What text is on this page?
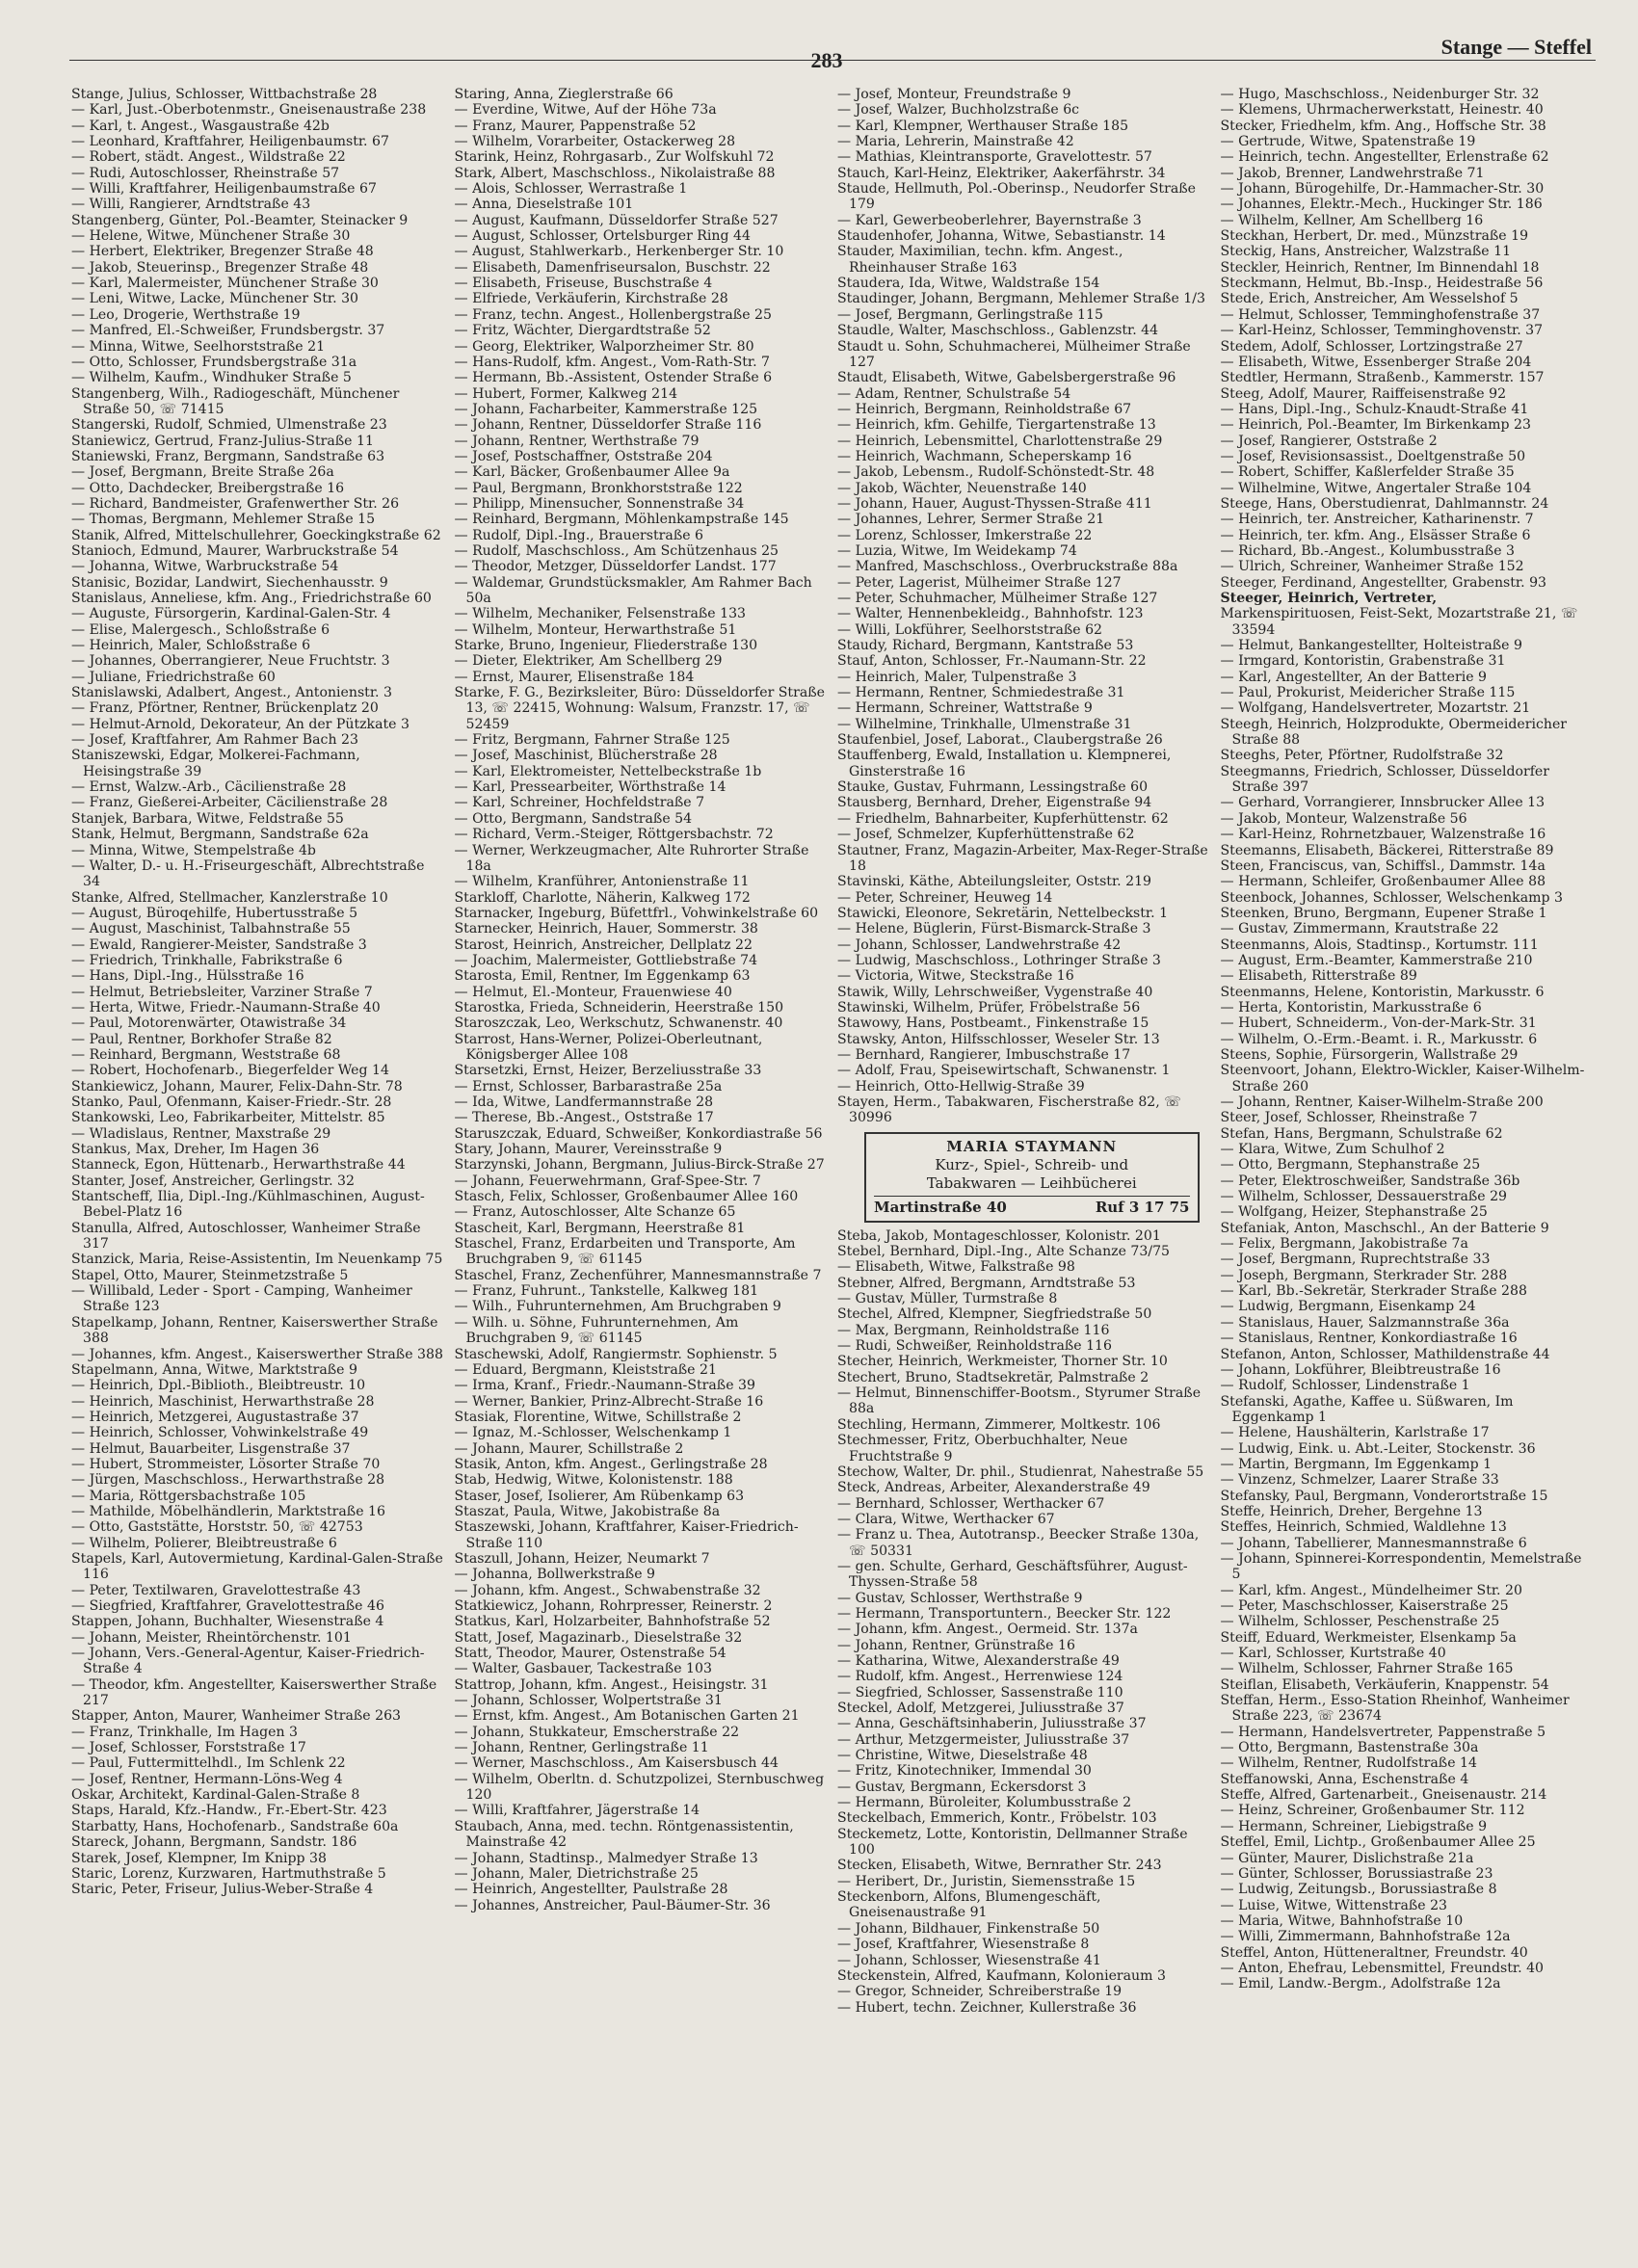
283
Stange — Steffel
Stange, Julius, Schlosser, Wittbachstraße 28
— Karl, Just.-Oberbotenmstr., Gneisenaustraße 238
— Karl, t. Angest., Wasgaustraße 42b
— Leonhard, Kraftfahrer, Heiligenbaumstr. 67
— Robert, städt. Angest., Wildstraße 22
— Rudi, Autoschlosser, Rheinstraße 57
— Willi, Kraftfahrer, Heiligenbaumstraße 67
— Willi, Rangierer, Arndtstraße 43
Stangenberg, Günter, Pol.-Beamter, Steinacker 9
— Helene, Witwe, Münchener Straße 30
— Herbert, Elektriker, Bregenzer Straße 48
— Jakob, Steuerinsp., Bregenzer Straße 48
— Karl, Malermeister, Münchener Straße 30
— Leni, Witwe, Lacke, Münchener Str. 30
— Leo, Drogerie, Werthstraße 19
— Manfred, El.-Schweißer, Frundsbergstr. 37
— Minna, Witwe, Seelhorststraße 21
— Otto, Schlosser, Frundsbergstraße 31a
— Wilhelm, Kaufm., Windhuker Straße 5
Stangenberg, Wilh., Radiogeschäft, Münchener Straße 50, ☏ 71415
Stangerski, Rudolf, Schmied, Ulmenstraße 23
Staniewicz, Gertrud, Franz-Julius-Straße 11
Staniewski, Franz, Bergmann, Sandstraße 63
— Josef, Bergmann, Breite Straße 26a
— Otto, Dachdecker, Breibergstraße 16
— Richard, Bandmeister, Grafenwerther Str. 26
— Thomas, Bergmann, Mehlemer Straße 15
Stanik, Alfred, Mittelschullehrer, Goeckingkstraße 62
Stanioch, Edmund, Maurer, Warbruckstraße 54
— Johanna, Witwe, Warbruckstraße 54
Stanisic, Bozidar, Landwirt, Siechenhausstr. 9
Stanislaus, Anneliese, kfm. Ang., Friedrichstraße 60
— Auguste, Fürsorgerin, Kardinal-Galen-Str. 4
— Elise, Malergesch., Schloßstraße 6
— Heinrich, Maler, Schloßstraße 6
— Johannes, Oberrangierer, Neue Fruchtstr. 3
— Juliane, Friedrichstraße 60
Stanislawski, Adalbert, Angest., Antonienstr. 3
— Franz, Pförtner, Rentner, Brückenplatz 20
— Helmut-Arnold, Dekorateur, An der Pützkate 3
— Josef, Kraftfahrer, Am Rahmer Bach 23
Staniszewski, Edgar, Molkerei-Fachmann, Heisingstraße 39
— Ernst, Walzw.-Arb., Cäcilienstraße 28
— Franz, Gießerei-Arbeiter, Cäcilienstraße 28
Stanjek, Barbara, Witwe, Feldstraße 55
Stank, Helmut, Bergmann, Sandstraße 62a
— Minna, Witwe, Stempelstraße 4b
— Walter, D.- u. H.-Friseurgeschäft, Albrechtstraße 34
Stanke, Alfred, Stellmacher, Kanzlerstraße 10
— August, Büroqehilfe, Hubertusstraße 5
— August, Maschinist, Talbahnstraße 55
— Ewald, Rangierer-Meister, Sandstraße 3
— Friedrich, Trinkhalle, Fabrikstraße 6
— Hans, Dipl.-Ing., Hülsstraße 16
— Helmut, Betriebsleiter, Varziner Straße 7
— Herta, Witwe, Friedr.-Naumann-Straße 40
— Paul, Motorenwärter, Otawistraße 34
— Paul, Rentner, Borkhofer Straße 82
— Reinhard, Bergmann, Weststraße 68
— Robert, Hochofenarb., Biegerfelder Weg 14
Stankiewicz, Johann, Maurer, Felix-Dahn-Str. 78
Stanko, Paul, Ofenmann, Kaiser-Friedr.-Str. 28
Stankowski, Leo, Fabrikarbeiter, Mittelstr. 85
— Wladislaus, Rentner, Maxstraße 29
Stankus, Max, Dreher, Im Hagen 36
Stanneck, Egon, Hüttenarb., Herwarthstraße 44
Stanter, Josef, Anstreicher, Gerlingstr. 32
Stantscheff, Ilia, Dipl.-Ing./Kühlmaschinen, August-Bebel-Platz 16
Stanulla, Alfred, Autoschlosser, Wanheimer Straße 317
Stanzick, Maria, Reise-Assistentin, Im Neuenkamp 75
Stapel, Otto, Maurer, Steinmetzstraße 5
— Willibald, Leder - Sport - Camping, Wanheimer Straße 123
Stapelkamp, Johann, Rentner, Kaiserswerther Straße 388
— Johannes, kfm. Angest., Kaiserswerther Straße 388
Stapelmann, Anna, Witwe, Marktstraße 9
— Heinrich, Dpl.-Biblioth., Bleibtreustr. 10
— Heinrich, Maschinist, Herwarthstraße 28
— Heinrich, Metzgerei, Augustastraße 37
— Heinrich, Schlosser, Vohwinkelstraße 49
— Helmut, Bauarbeiter, Lisgenstraße 37
— Hubert, Strommeister, Lösorter Straße 70
— Jürgen, Maschschloss., Herwarthstraße 28
— Maria, Röttgersbachstraße 105
— Mathilde, Möbelhändlerin, Marktstraße 16
— Otto, Gaststätte, Horststr. 50, ☏ 42753
— Wilhelm, Polierer, Bleibtreustraße 6
Stapels, Karl, Autovermietung, Kardinal-Galen-Straße 116
— Peter, Textilwaren, Gravelottestraße 43
— Siegfried, Kraftfahrer, Gravelottestraße 46
Stappen, Johann, Buchhalter, Wiesenstraße 4
— Johann, Meister, Rheintörchenstr. 101
— Johann, Vers.-General-Agentur, Kaiser-Friedrich-Straße 4
— Theodor, kfm. Angestellter, Kaiserswerther Straße 217
Stapper, Anton, Maurer, Wanheimer Straße 263
— Franz, Trinkhalle, Im Hagen 3
— Josef, Schlosser, Forststraße 17
— Paul, Futtermittelhdl., Im Schlenk 22
— Josef, Rentner, Hermann-Löns-Weg 4
Oskar, Architekt, Kardinal-Galen-Straße 8
Staps, Harald, Kfz.-Handw., Fr.-Ebert-Str. 423
Starbatty, Hans, Hochofenarb., Sandstraße 60a
Stareck, Johann, Bergmann, Sandstr. 186
Starek, Josef, Klempner, Im Knipp 38
Staric, Lorenz, Kurzwaren, Hartmuthstraße 5
Staric, Peter, Friseur, Julius-Weber-Straße 4
Staring, Anna, Zieglerstraße 66
— Everdine, Witwe, Auf der Höhe 73a
— Franz, Maurer, Pappenstraße 52
— Wilhelm, Vorarbeiter, Ostackerweg 28
Starink, Heinz, Rohrgasarb., Zur Wolfskuhl 72
Stark, Albert, Maschschloss., Nikolaistraße 88
— Alois, Schlosser, Werrastraße 1
— Anna, Dieselstraße 101
— August, Kaufmann, Düsseldorfer Straße 527
— August, Schlosser, Ortelsburger Ring 44
— August, Stahlwerkarb., Herkenberger Str. 10
— Elisabeth, Damenfriseursalon, Buschstr. 22
— Elisabeth, Friseuse, Buschstraße 4
— Elfriede, Verkäuferin, Kirchstraße 28
— Franz, techn. Angest., Hollenbergstraße 25
— Fritz, Wächter, Diergardtstraße 52
— Georg, Elektriker, Walporzheimer Str. 80
— Hans-Rudolf, kfm. Angest., Vom-Rath-Str. 7
— Hermann, Bb.-Assistent, Ostender Straße 6
— Hubert, Former, Kalkweg 214
— Johann, Facharbeiter, Kammerstraße 125
— Johann, Rentner, Düsseldorfer Straße 116
— Johann, Rentner, Werthstraße 79
— Josef, Postschaffner, Oststraße 204
— Karl, Bäcker, Großenbaumer Allee 9a
— Paul, Bergmann, Bronkhorststraße 122
— Philipp, Minensucher, Sonnenstraße 34
— Reinhard, Bergmann, Möhlenkampstraße 145
— Rudolf, Dipl.-Ing., Brauerstraße 6
— Rudolf, Maschschloss., Am Schützenhaus 25
— Theodor, Metzger, Düsseldorfer Landst. 177
— Waldemar, Grundstücksmakler, Am Rahmer Bach 50a
— Wilhelm, Mechaniker, Felsenstraße 133
— Wilhelm, Monteur, Herwarthstraße 51
Starke, Bruno, Ingenieur, Fliederstraße 130
— Dieter, Elektriker, Am Schellberg 29
— Ernst, Maurer, Elisenstraße 184
Starke, F. G., Bezirksleiter, Büro: Düsseldorfer Straße 13, ☏ 22415, Wohnung: Walsum, Franzstr. 17, ☏ 52459
— Fritz, Bergmann, Fahrner Straße 125
— Josef, Maschinist, Blücherstraße 28
— Karl, Elektromeister, Nettelbeckstraße 1b
— Karl, Pressearbeiter, Wörthstraße 14
— Karl, Schreiner, Hochfeldstraße 7
— Otto, Bergmann, Sandstraße 54
— Richard, Verm.-Steiger, Röttgersbachstr. 72
— Werner, Werkzeugmacher, Alte Ruhrorter Straße 18a
— Wilhelm, Kranführer, Antonienstraße 11
Starkloff, Charlotte, Näherin, Kalkweg 172
Starnacker, Ingeburg, Büfettfrl., Vohwinkelstraße 60
Starnecker, Heinrich, Hauer, Sommerstr. 38
Starost, Heinrich, Anstreicher, Dellplatz 22
— Joachim, Malermeister, Gottliebstraße 74
Starosta, Emil, Rentner, Im Eggenkamp 63
— Helmut, El.-Monteur, Frauenwiese 40
Starostka, Frieda, Schneiderin, Heerstraße 150
Staroszczak, Leo, Werkschutz, Schwanenstr. 40
Starrost, Hans-Werner, Polizei-Oberleutnant, Königsberger Allee 108
Starsetzki, Ernst, Heizer, Berzeliusstraße 33
— Ernst, Schlosser, Barbarastraße 25a
— Ida, Witwe, Landfermannstraße 28
— Therese, Bb.-Angest., Oststraße 17
Staruszczak, Eduard, Schweißer, Konkordiastraße 56
Stary, Johann, Maurer, Vereinsstraße 9
Starzynski, Johann, Bergmann, Julius-Birck-Straße 27
— Johann, Feuerwehrmann, Graf-Spee-Str. 7
Stasch, Felix, Schlosser, Großenbaumer Allee 160
— Franz, Autoschlosser, Alte Schanze 65
Stascheit, Karl, Bergmann, Heerstraße 81
Staschel, Franz, Erdarbeiten und Transporte, Am Bruchgraben 9, ☏ 61145
Staschel, Franz, Zechenführer, Mannesmannstraße 7
— Franz, Fuhrunt., Tankstelle, Kalkweg 181
— Wilh., Fuhrunternehmen, Am Bruchgraben 9
— Wilh. u. Söhne, Fuhrunternehmen, Am Bruchgraben 9, ☏ 61145
Staschewski, Adolf, Rangiermstr. Sophienstr. 5
— Eduard, Bergmann, Kleiststraße 21
— Irma, Kranf., Friedr.-Naumann-Straße 39
— Werner, Bankier, Prinz-Albrecht-Straße 16
Stasiak, Florentine, Witwe, Schillstraße 2
— Ignaz, M.-Schlosser, Welschenkamp 1
— Johann, Maurer, Schillstraße 2
Stasik, Anton, kfm. Angest., Gerlingstraße 28
Stab, Hedwig, Witwe, Kolonistenstr. 188
Staser, Josef, Isolierer, Am Rübenkamp 63
Staszat, Paula, Witwe, Jakobistraße 8a
Staszewski, Johann, Kraftfahrer, Kaiser-Friedrich-Straße 110
Staszull, Johann, Heizer, Neumarkt 7
— Johanna, Bollwerkstraße 9
— Johann, kfm. Angest., Schwabenstraße 32
Statkiewicz, Johann, Rohrpresser, Reinerstr. 2
Statkus, Karl, Holzarbeiter, Bahnhofstraße 52
Statt, Josef, Magazinarb., Dieselstraße 32
Statt, Theodor, Maurer, Ostenstraße 54
— Walter, Gasbauer, Tackestraße 103
Stattrop, Johann, kfm. Angest., Heisingstr. 31
— Johann, Schlosser, Wolpertstraße 31
— Ernst, kfm. Angest., Am Botanischen Garten 21
— Johann, Stukkateur, Emscherstraße 22
— Johann, Rentner, Gerlingstraße 11
— Werner, Maschschloss., Am Kaisersbusch 44
— Wilhelm, Oberltn. d. Schutzpolizei, Sternbuschweg 120
— Willi, Kraftfahrer, Jägerstraße 14
Staubach, Anna, med. techn. Röntgenassistentin, Mainstraße 42
— Johann, Stadtinsp., Malmedyer Straße 13
— Johann, Maler, Dietrichstraße 25
— Heinrich, Angestellter, Paulstraße 28
— Johannes, Anstreicher, Paul-Bäumer-Str. 36
— Josef, Monteur, Freundstraße 9
— Josef, Walzer, Buchholzstraße 6c
— Karl, Klempner, Werthauser Straße 185
— Maria, Lehrerin, Mainstraße 42
— Mathias, Kleintransporte, Gravelottestr. 57
Stauch, Karl-Heinz, Elektriker, Aakerfährstr. 34
Staude, Hellmuth, Pol.-Oberinsp., Neudorfer Straße 179
— Karl, Gewerbeoberlehrer, Bayernstraße 3
Staudenhofer, Johanna, Witwe, Sebastianstr. 14
Stauder, Maximilian, techn. kfm. Angest., Rheinhauser Straße 163
Staudera, Ida, Witwe, Waldstraße 154
Staudinger, Johann, Bergmann, Mehlemer Straße 1/3
— Josef, Bergmann, Gerlingstraße 115
Staudle, Walter, Maschschloss., Gablenzstr. 44
Staudt u. Sohn, Schuhmacherei, Mülheimer Straße 127
Staudt, Elisabeth, Witwe, Gabelsbergerstraße 96
— Adam, Rentner, Schulstraße 54
— Heinrich, Bergmann, Reinholdstraße 67
— Heinrich, kfm. Gehilfe, Tiergartenstraße 13
— Heinrich, Lebensmittel, Charlottenstraße 29
— Heinrich, Wachmann, Scheperskamp 16
— Jakob, Lebensm., Rudolf-Schönstedt-Str. 48
— Jakob, Wächter, Neuenstraße 140
— Johann, Hauer, August-Thyssen-Straße 411
— Johannes, Lehrer, Sermer Straße 21
— Lorenz, Schlosser, Imkerstraße 22
— Luzia, Witwe, Im Weidekamp 74
— Manfred, Maschschloss., Overbruckstraße 88a
— Peter, Lagerist, Mülheimer Straße 127
— Peter, Schuhmacher, Mülheimer Straße 127
— Walter, Hennenbekleidg., Bahnhofstr. 123
— Willi, Lokführer, Seelhorststraße 62
Staudy, Richard, Bergmann, Kantstraße 53
Stauf, Anton, Schlosser, Fr.-Naumann-Str. 22
— Heinrich, Maler, Tulpenstraße 3
— Hermann, Rentner, Schmiedestraße 31
— Hermann, Schreiner, Wattstraße 9
— Wilhelmine, Trinkhalle, Ulmenstraße 31
Staufenbiel, Josef, Laborat., Claubergstraße 26
Stauffenberg, Ewald, Installation u. Klempnerei, Ginsterstraße 16
Stauke, Gustav, Fuhrmann, Lessingstraße 60
Stausberg, Bernhard, Dreher, Eigenstraße 94
— Friedhelm, Bahnarbeiter, Kupferhüttenstr. 62
— Josef, Schmelzer, Kupferhüttenstraße 62
Stautner, Franz, Magazin-Arbeiter, Max-Reger-Straße 18
Stavinski, Käthe, Abteilungsleiter, Oststr. 219
— Peter, Schreiner, Heuweg 14
Stawicki, Eleonore, Sekretärin, Nettelbeckstr. 1
— Helene, Büglerin, Fürst-Bismarck-Straße 3
— Johann, Schlosser, Landwehrstraße 42
— Ludwig, Maschschloss., Lothringer Straße 3
— Victoria, Witwe, Steckstraße 16
Stawik, Willy, Lehrschweißer, Vygenstraße 40
Stawinski, Wilhelm, Prüfer, Fröbelstraße 56
Stawowy, Hans, Postbeamt., Finkenstraße 15
Stawsky, Anton, Hilfsschlosser, Weseler Str. 13
— Bernhard, Rangierer, Imbuschstraße 17
— Adolf, Frau, Speisewirtschaft, Schwanenstr. 1
— Heinrich, Otto-Hellwig-Straße 39
Stayen, Herm., Tabakwaren, Fischerstraße 82, ☏ 30996
MARIA STAYMANN
Kurz-, Spiel-, Schreib- und
Tabakwaren — Leihbücherei
Martinstraße 40	Ruf 3 17 75
Steba, Jakob, Montageschlosser, Kolonistr. 201
Stebel, Bernhard, Dipl.-Ing., Alte Schanze 73/75
— Elisabeth, Witwe, Falkstraße 98
Stebner, Alfred, Bergmann, Arndtstraße 53
— Gustav, Müller, Turmstraße 8
Stechel, Alfred, Klempner, Siegfriedstraße 50
— Max, Bergmann, Reinholdstraße 116
— Rudi, Schweißer, Reinholdstraße 116
Stecher, Heinrich, Werkmeister, Thorner Str. 10
Stechert, Bruno, Stadtsekretär, Palmstraße 2
— Helmut, Binnenschiffer-Bootsm., Styrumer Straße 88a
Stechling, Hermann, Zimmerer, Moltkestr. 106
Stechmesser, Fritz, Oberbuchhalter, Neue Fruchtstraße 9
Stechow, Walter, Dr. phil., Studienrat, Nahestraße 55
Steck, Andreas, Arbeiter, Alexanderstraße 49
— Bernhard, Schlosser, Werthacker 67
— Clara, Witwe, Werthacker 67
— Franz u. Thea, Autotransp., Beecker Straße 130a, ☏ 50331
— gen. Schulte, Gerhard, Geschäftsführer, August-Thyssen-Straße 58
— Gustav, Schlosser, Werthstraße 9
— Hermann, Transportuntern., Beecker Str. 122
— Johann, kfm. Angest., Oermeid. Str. 137a
— Johann, Rentner, Grünstraße 16
— Katharina, Witwe, Alexanderstraße 49
— Rudolf, kfm. Angest., Herrenwiese 124
— Siegfried, Schlosser, Sassenstraße 110
Steckel, Adolf, Metzgerei, Juliusstraße 37
— Anna, Geschäftsinhaberin, Juliusstraße 37
— Arthur, Metzgermeister, Juliusstraße 37
— Christine, Witwe, Dieselstraße 48
— Fritz, Kinotechniker, Immendal 30
— Gustav, Bergmann, Eckersdorst 3
— Hermann, Büroleiter, Kolumbusstraße 2
Steckelbach, Emmerich, Kontr., Fröbelstr. 103
Steckemetz, Lotte, Kontoristin, Dellmanner Straße 100
Stecken, Elisabeth, Witwe, Bernrather Str. 243
— Heribert, Dr., Juristin, Siemensstraße 15
Steckenborn, Alfons, Blumengeschäft, Gneisenaustraße 91
— Johann, Bildhauer, Finkenstraße 50
— Josef, Kraftfahrer, Wiesenstraße 8
— Johann, Schlosser, Wiesenstraße 41
Steckenstein, Alfred, Kaufmann, Kolonieraum 3
— Gregor, Schneider, Schreiberstraße 19
— Hubert, techn. Zeichner, Kullerstraße 36
— Hugo, Maschschloss., Neidenburger Str. 32
— Klemens, Uhrmacherwerkstatt, Heinestr. 40
Stecker, Friedhelm, kfm. Ang., Hoffsche Str. 38
— Gertrude, Witwe, Spatenstraße 19
— Heinrich, techn. Angestellter, Erlenstraße 62
— Jakob, Brenner, Landwehrstraße 71
— Johann, Bürogehilfe, Dr.-Hammacher-Str. 30
— Johannes, Elektr.-Mech., Huckinger Str. 186
— Wilhelm, Kellner, Am Schellberg 16
Steckhan, Herbert, Dr. med., Münzstraße 19
Steckig, Hans, Anstreicher, Walzstraße 11
Steckler, Heinrich, Rentner, Im Binnendahl 18
Steckmann, Helmut, Bb.-Insp., Heidestraße 56
Stede, Erich, Anstreicher, Am Wesselshof 5
— Helmut, Schlosser, Temminghofenstraße 37
— Karl-Heinz, Schlosser, Temminghovenstr. 37
Stedem, Adolf, Schlosser, Lortzingstraße 27
— Elisabeth, Witwe, Essenberger Straße 204
Stedtler, Hermann, Straßenb., Kammerstr. 157
Steeg, Adolf, Maurer, Raiffeisenstraße 92
— Hans, Dipl.-Ing., Schulz-Knaudt-Straße 41
— Heinrich, Pol.-Beamter, Im Birkenkamp 23
— Josef, Rangierer, Oststraße 2
— Josef, Revisionsassist., Doeltgenstraße 50
— Robert, Schiffer, Kaßlerfelder Straße 35
— Wilhelmine, Witwe, Angertaler Straße 104
Steege, Hans, Oberstudienrat, Dahlmannstr. 24
— Heinrich, ter. Anstreicher, Katharinenstr. 7
— Heinrich, ter. kfm. Ang., Elsässer Straße 6
— Richard, Bb.-Angest., Kolumbusstraße 3
— Ulrich, Schreiner, Wanheimer Straße 152
Steeger, Ferdinand, Angestellter, Grabenstr. 93
Steeger, Heinrich, Vertreter,
Markenspirituosen, Feist-Sekt, Mozartstraße 21, ☏ 33594
— Helmut, Bankangestellter, Holteistraße 9
— Irmgard, Kontoristin, Grabenstraße 31
— Karl, Angestellter, An der Batterie 9
— Paul, Prokurist, Meidericher Straße 115
— Wolfgang, Handelsvertreter, Mozartstr. 21
Steegh, Heinrich, Holzprodukte, Obermeidericher Straße 88
Steeghs, Peter, Pförtner, Rudolfstraße 32
Steegmanns, Friedrich, Schlosser, Düsseldorfer Straße 397
— Gerhard, Vorrangierer, Innsbrucker Allee 13
— Jakob, Monteur, Walzenstraße 56
— Karl-Heinz, Rohrnetzbauer, Walzenstraße 16
Steemanns, Elisabeth, Bäckerei, Ritterstraße 89
Steen, Franciscus, van, Schiffsl., Dammstr. 14a
— Hermann, Schleifer, Großenbaumer Allee 88
Steenbock, Johannes, Schlosser, Welschenkamp 3
Steenken, Bruno, Bergmann, Eupener Straße 1
— Gustav, Zimmermann, Krautstraße 22
Steenmanns, Alois, Stadtinsp., Kortumstr. 111
— August, Erm.-Beamter, Kammerstraße 210
— Elisabeth, Ritterstraße 89
Steenmanns, Helene, Kontoristin, Markusstr. 6
— Herta, Kontoristin, Markusstraße 6
— Hubert, Schneiderm., Von-der-Mark-Str. 31
— Wilhelm, O.-Erm.-Beamt. i. R., Markusstr. 6
Steens, Sophie, Fürsorgerin, Wallstraße 29
Steenvoort, Johann, Elektro-Wickler, Kaiser-Wilhelm-Straße 260
— Johann, Rentner, Kaiser-Wilhelm-Straße 200
Steer, Josef, Schlosser, Rheinstraße 7
Stefan, Hans, Bergmann, Schulstraße 62
— Klara, Witwe, Zum Schulhof 2
— Otto, Bergmann, Stephanstraße 25
— Peter, Elektroschweißer, Sandstraße 36b
— Wilhelm, Schlosser, Dessauerstraße 29
— Wolfgang, Heizer, Stephanstraße 25
Stefaniak, Anton, Maschschl., An der Batterie 9
— Felix, Bergmann, Jakobistraße 7a
— Josef, Bergmann, Ruprechtstraße 33
— Joseph, Bergmann, Sterkrader Str. 288
— Karl, Bb.-Sekretär, Sterkrader Straße 288
— Ludwig, Bergmann, Eisenkamp 24
— Stanislaus, Hauer, Salzmannstraße 36a
— Stanislaus, Rentner, Konkordiastraße 16
Stefanon, Anton, Schlosser, Mathildenstraße 44
— Johann, Lokführer, Bleibtreustraße 16
— Rudolf, Schlosser, Lindenstraße 1
Stefanski, Agathe, Kaffee u. Süßwaren, Im Eggenkamp 1
— Helene, Haushälterin, Karlstraße 17
— Ludwig, Eink. u. Abt.-Leiter, Stockenstr. 36
— Martin, Bergmann, Im Eggenkamp 1
— Vinzenz, Schmelzer, Laarer Straße 33
Stefansky, Paul, Bergmann, Vonderortstraße 15
Steffe, Heinrich, Dreher, Bergehne 13
Steffes, Heinrich, Schmied, Waldlehne 13
— Johann, Tabellierer, Mannesmannstraße 6
— Johann, Spinnerei-Korrespondentin, Memelstraße 5
— Karl, kfm. Angest., Mündelheimer Str. 20
— Peter, Maschschlosser, Kaiserstraße 25
— Wilhelm, Schlosser, Peschenstraße 25
Steiff, Eduard, Werkmeister, Elsenkamp 5a
— Karl, Schlosser, Kurtstraße 40
— Wilhelm, Schlosser, Fahrner Straße 165
Steiflan, Elisabeth, Verkäuferin, Knappenstr. 54
Steffan, Herm., Esso-Station Rheinhof, Wanheimer Straße 223, ☏ 23674
— Hermann, Handelsvertreter, Pappenstraße 5
— Otto, Bergmann, Bastenstraße 30a
— Wilhelm, Rentner, Rudolfstraße 14
Steffanowski, Anna, Eschenstraße 4
Steffe, Alfred, Gartenarbeit., Gneisenaustr. 214
— Heinz, Schreiner, Großenbaumer Str. 112
— Hermann, Schreiner, Liebigstraße 9
Steffel, Emil, Lichtp., Großenbaumer Allee 25
— Günter, Maurer, Dislichstraße 21a
— Günter, Schlosser, Borussiastraße 23
— Ludwig, Zeitungsb., Borussiastraße 8
— Luise, Witwe, Wittenstraße 23
— Maria, Witwe, Bahnhofstraße 10
— Willi, Zimmermann, Bahnhofstraße 12a
Steffel, Anton, Hütteneraltner, Freundstr. 40
— Anton, Ehefrau, Lebensmittel, Freundstr. 40
— Emil, Landw.-Bergm., Adolfstraße 12a
